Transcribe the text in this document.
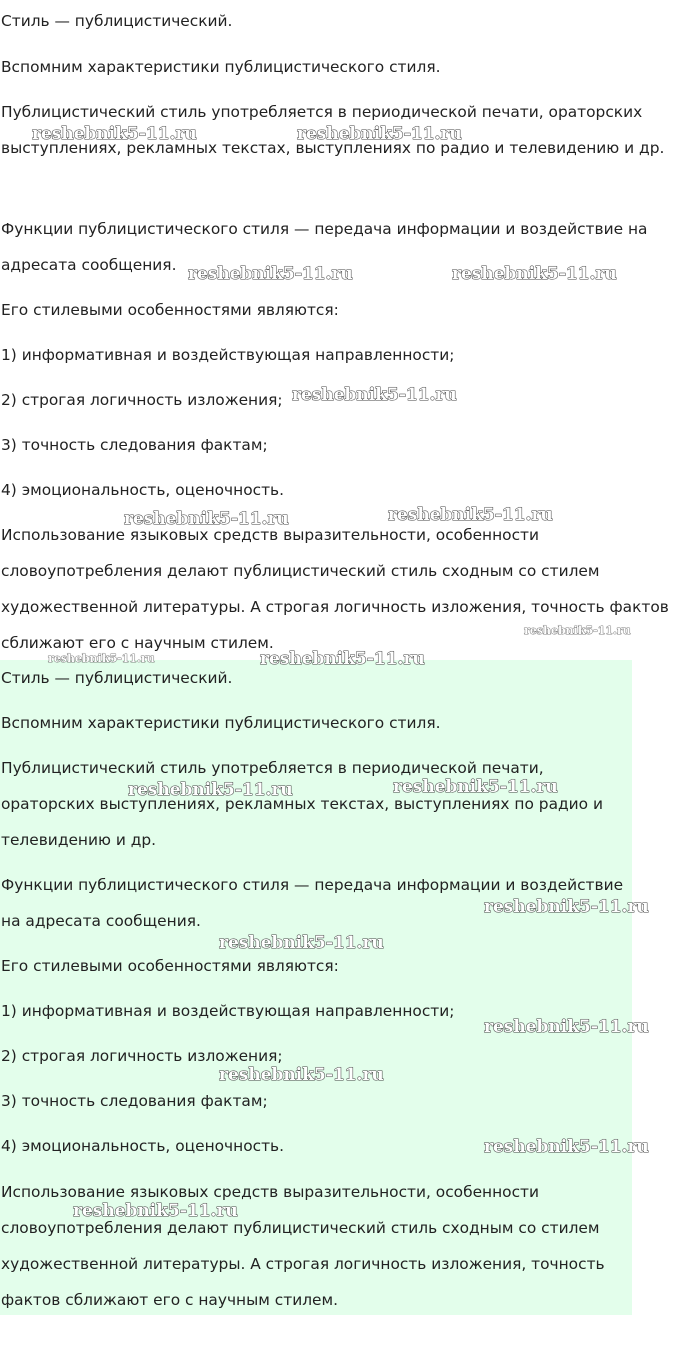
Стиль — публицистический.

Вспомним характеристики публицистического стиля.

Публицистический стиль употребляется в периодической печати, ораторских выступлениях, рекламных текстах, выступлениях по радио и телевидению и др.

Функции публицистического стиля — передача информации и воздействие на адресата сообщения.

Его стилевыми особенностями являются:

1) информативная и воздействующая направленности;

2) строгая логичность изложения;

3) точность следования фактам;

4) эмоциональность, оценочность.

Использование языковых средств выразительности, особенности словоупотребления делают публицистический стиль сходным со стилем художественной литературы. А строгая логичность изложения, точность фактов сближают его с научным стилем.

Стиль — публицистический.

Вспомним характеристики публицистического стиля.

Публицистический стиль употребляется в периодической печати, ораторских выступлениях, рекламных текстах, выступлениях по радио и телевидению и др.

Функции публицистического стиля — передача информации и воздействие на адресата сообщения.

Его стилевыми особенностями являются:

1) информативная и воздействующая направленности;

2) строгая логичность изложения;

3) точность следования фактам;

4) эмоциональность, оценочность.

Использование языковых средств выразительности, особенности словоупотребления делают публицистический стиль сходным со стилем художественной литературы. А строгая логичность изложения, точность фактов сближают его с научным стилем.

reshebnik5-11.ru	reshebnik5-11.ru
reshebnik5-11.ru	reshebnik5-11.ru
reshebnik5-11.ru
reshebnik5-11.ru	reshebnik5-11.ru
reshebnik5-11.ru
reshebnik5-11.ru	reshebnik5-11.ru
reshebnik5-11.ru	reshebnik5-11.ru
reshebnik5-11.ru
reshebnik5-11.ru
reshebnik5-11.ru
reshebnik5-11.ru
reshebnik5-11.ru
reshebnik5-11.ru
